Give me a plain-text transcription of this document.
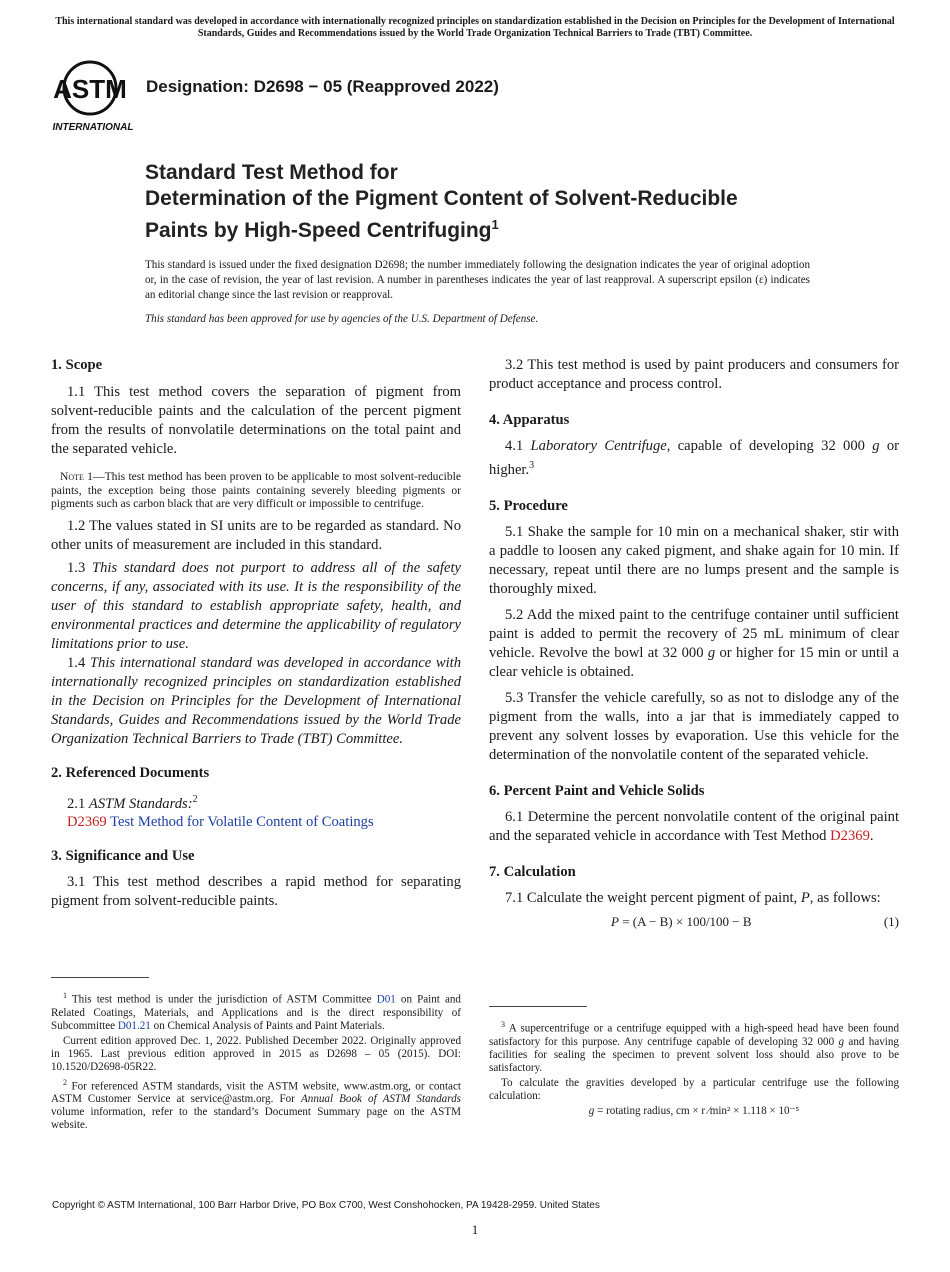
This international standard was developed in accordance with internationally recognized principles on standardization established in the Decision on Principles for the Development of International Standards, Guides and Recommendations issued by the World Trade Organization Technical Barriers to Trade (TBT) Committee.
ASTM
INTERNATIONAL
Designation: D2698 − 05 (Reapproved 2022)
Standard Test Method for
Determination of the Pigment Content of Solvent-Reducible
Paints by High-Speed Centrifuging$^1$
This standard is issued under the fixed designation D2698; the number immediately following the designation indicates the year of original adoption or, in the case of revision, the year of last revision. A number in parentheses indicates the year of last reapproval. A superscript epsilon (ε) indicates an editorial change since the last revision or reapproval.
This standard has been approved for use by agencies of the U.S. Department of Defense.

1. Scope

1.1 This test method covers the separation of pigment from solvent-reducible paints and the calculation of the percent pigment from the results of nonvolatile determinations on the total paint and the separated vehicle.

Note 1—This test method has been proven to be applicable to most solvent-reducible paints, the exception being those paints containing severely bleeding pigments or pigments such as carbon black that are very difficult or impossible to centrifuge.

1.2 The values stated in SI units are to be regarded as standard. No other units of measurement are included in this standard.

1.3 This standard does not purport to address all of the safety concerns, if any, associated with its use. It is the responsibility of the user of this standard to establish appropriate safety, health, and environmental practices and determine the applicability of regulatory limitations prior to use.

1.4 This international standard was developed in accordance with internationally recognized principles on standardization established in the Decision on Principles for the Development of International Standards, Guides and Recommendations issued by the World Trade Organization Technical Barriers to Trade (TBT) Committee.

2. Referenced Documents

2.1 ASTM Standards:$^2$

D2369 Test Method for Volatile Content of Coatings

3. Significance and Use

3.1 This test method describes a rapid method for separating pigment from solvent-reducible paints.

$^1$ This test method is under the jurisdiction of ASTM Committee D01 on Paint and Related Coatings, Materials, and Applications and is the direct responsibility of Subcommittee D01.21 on Chemical Analysis of Paints and Paint Materials.

Current edition approved Dec. 1, 2022. Published December 2022. Originally approved in 1965. Last previous edition approved in 2015 as D2698 – 05 (2015). DOI: 10.1520/D2698-05R22.

$^2$ For referenced ASTM standards, visit the ASTM website, www.astm.org, or contact ASTM Customer Service at service@astm.org. For Annual Book of ASTM Standards volume information, refer to the standard’s Document Summary page on the ASTM website.

3.2 This test method is used by paint producers and consumers for product acceptance and process control.

4. Apparatus

4.1 Laboratory Centrifuge, capable of developing 32 000 g or higher.$^3$

5. Procedure

5.1 Shake the sample for 10 min on a mechanical shaker, stir with a paddle to loosen any caked pigment, and shake again for 10 min. If necessary, repeat until there are no lumps present and the sample is thoroughly mixed.

5.2 Add the mixed paint to the centrifuge container until sufficient paint is added to permit the recovery of 25 mL minimum of clear vehicle. Revolve the bowl at 32 000 g or higher for 15 min or until a clear vehicle is obtained.

5.3 Transfer the vehicle carefully, so as not to dislodge any of the pigment from the walls, into a jar that is immediately capped to prevent any solvent losses by evaporation. Use this vehicle for the determination of the nonvolatile content of the separated vehicle.

6. Percent Paint and Vehicle Solids

6.1 Determine the percent nonvolatile content of the original paint and the separated vehicle in accordance with Test Method D2369.

7. Calculation

7.1 Calculate the weight percent pigment of paint, P, as follows:

P = (A − B) × 100/100 − B	(1)

$^3$ A supercentrifuge or a centrifuge equipped with a high-speed head have been found satisfactory for this purpose. Any centrifuge capable of developing 32 000 g and having facilities for sealing the specimen to prevent solvent loss should also prove to be satisfactory.

To calculate the gravities developed by a particular centrifuge use the following calculation:

g = rotating radius, cm × r ⁄min² × 1.118 × 10⁻⁵

Copyright © ASTM International, 100 Barr Harbor Drive, PO Box C700, West Conshohocken, PA 19428-2959. United States
1
